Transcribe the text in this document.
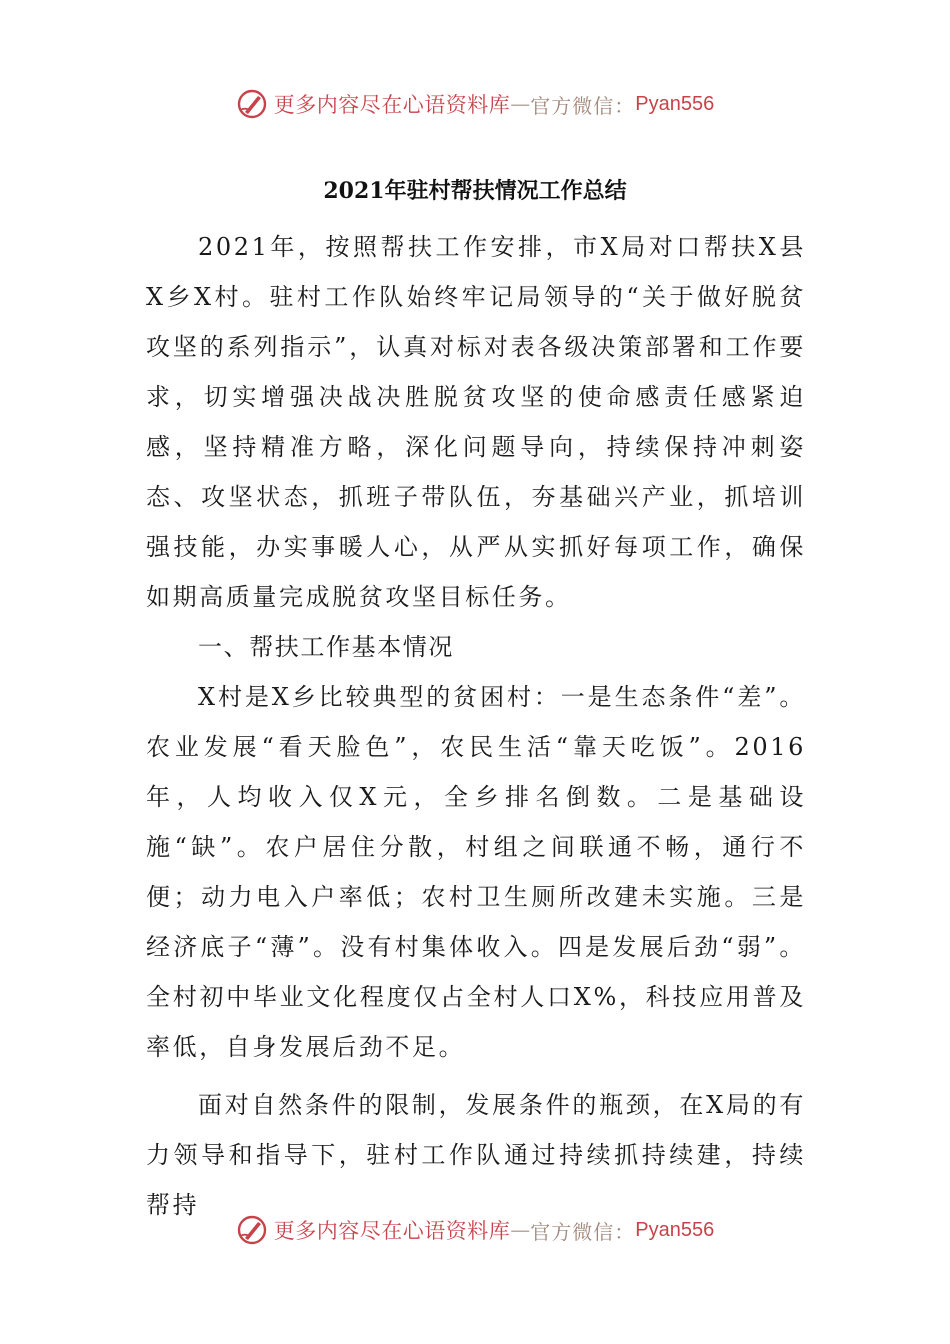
更多内容尽在心语资料库 — 官方微信： Pyan556
2021年驻村帮扶情况工作总结

2021年，按照帮扶工作安排，市X局对口帮扶X县X乡X村。驻村工作队始终牢记局领导的“关于做好脱贫攻坚的系列指示”，认真对标对表各级决策部署和工作要求，切实增强决战决胜脱贫攻坚的使命感责任感紧迫感，坚持精准方略，深化问题导向，持续保持冲刺姿态、攻坚状态，抓班子带队伍，夯基础兴产业，抓培训强技能，办实事暖人心，从严从实抓好每项工作，确保如期高质量完成脱贫攻坚目标任务。

一、帮扶工作基本情况

X村是X乡比较典型的贫困村：一是生态条件“差”。农业发展“看天脸色”，农民生活“靠天吃饭”。2016年，人均收入仅X元，全乡排名倒数。二是基础设施“缺”。农户居住分散，村组之间联通不畅，通行不便；动力电入户率低；农村卫生厕所改建未实施。三是经济底子“薄”。没有村集体收入。四是发展后劲“弱”。全村初中毕业文化程度仅占全村人口X%，科技应用普及率低，自身发展后劲不足。

面对自然条件的限制，发展条件的瓶颈，在X局的有力领导和指导下，驻村工作队通过持续抓持续建，持续帮持

更多内容尽在心语资料库 — 官方微信： Pyan556
